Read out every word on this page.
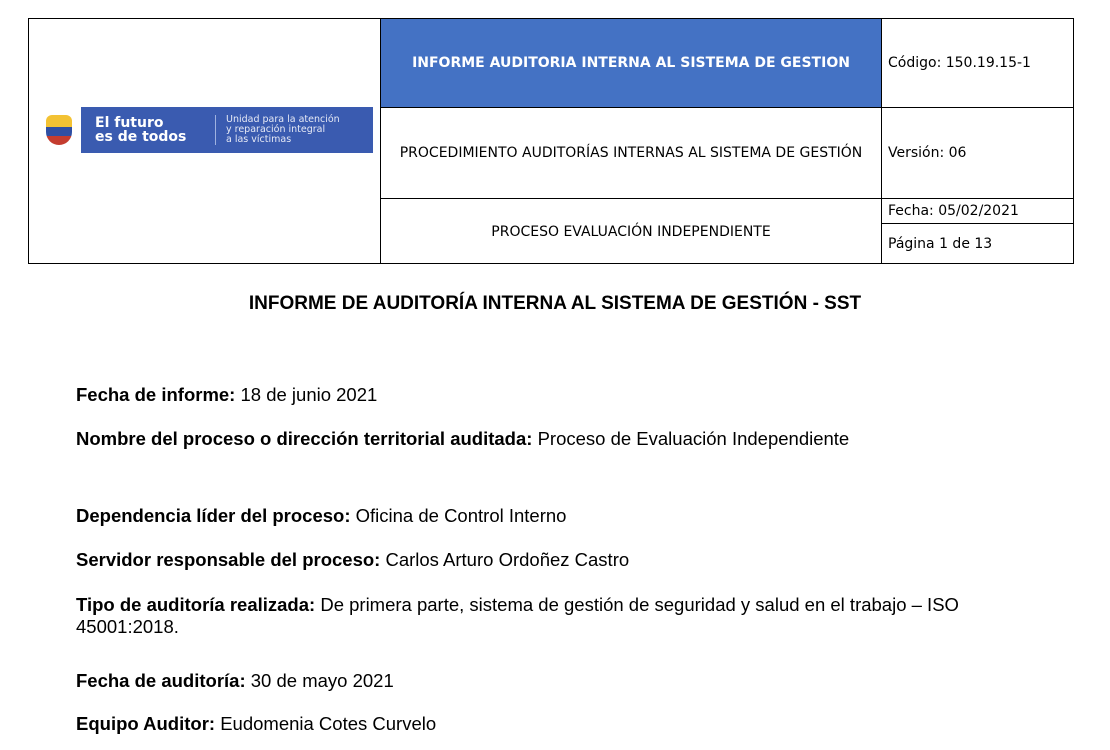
El futuro
es de todos
Unidad para la atención
y reparación integral
a las víctimas
INFORME AUDITORIA INTERNA AL SISTEMA DE GESTION
PROCEDIMIENTO AUDITORÍAS INTERNAS AL SISTEMA DE GESTIÓN
PROCESO EVALUACIÓN INDEPENDIENTE
Código: 150.19.15-1
Versión: 06
Fecha: 05/02/2021
Página 1 de 13
INFORME DE AUDITORÍA INTERNA AL SISTEMA DE GESTIÓN - SST
Fecha de informe: 18 de junio 2021
Nombre del proceso o dirección territorial auditada: Proceso de Evaluación Independiente
Dependencia líder del proceso: Oficina de Control Interno
Servidor responsable del proceso: Carlos Arturo Ordoñez Castro
Tipo de auditoría realizada: De primera parte, sistema de gestión de seguridad y salud en el trabajo – ISO 45001:2018.
Fecha de auditoría: 30 de mayo 2021
Equipo Auditor: Eudomenia Cotes Curvelo
